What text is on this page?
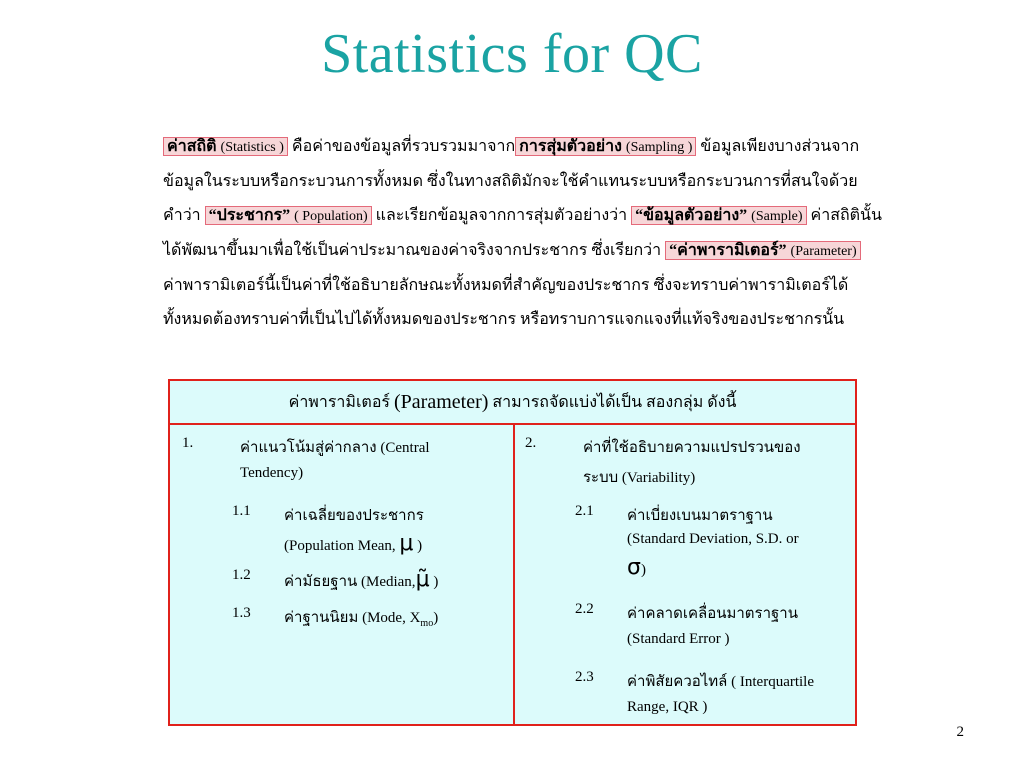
Statistics for QC
ค่าสถิติ (Statistics ) คือค่าของข้อมูลที่รวบรวมมาจาก การสุ่มตัวอย่าง (Sampling ) ข้อมูลเพียงบางส่วนจาก
ข้อมูลในระบบหรือกระบวนการทั้งหมด ซึ่งในทางสถิติมักจะใช้คำแทนระบบหรือกระบวนการที่สนใจด้วย
คำว่า “ประชากร” ( Population) และเรียกข้อมูลจากการสุ่มตัวอย่างว่า “ข้อมูลตัวอย่าง” (Sample) ค่าสถิตินั้น
ได้พัฒนาขึ้นมาเพื่อใช้เป็นค่าประมาณของค่าจริงจากประชากร ซึ่งเรียกว่า “ค่าพารามิเตอร์” (Parameter)
ค่าพารามิเตอร์นี้เป็นค่าที่ใช้อธิบายลักษณะทั้งหมดที่สำคัญของประชากร ซึ่งจะทราบค่าพารามิเตอร์ได้
ทั้งหมดต้องทราบค่าที่เป็นไปได้ทั้งหมดของประชากร หรือทราบการแจกแจงที่แท้จริงของประชากรนั้น
ค่าพารามิเตอร์ (Parameter) สามารถจัดแบ่งได้เป็น สองกลุ่ม ดังนี้
1.	ค่าแนวโน้มสู่ค่ากลาง (Central
Tendency)
1.1 ค่าเฉลี่ยของประชากร
(Population Mean, μ )
1.2 ค่ามัธยฐาน (Median,μ̃ )
1.3 ค่าฐานนิยม (Mode, $X_{mo}$)
2.	ค่าที่ใช้อธิบายความแปรปรวนของ
ระบบ (Variability)
2.1 ค่าเบี่ยงเบนมาตราฐาน
(Standard Deviation, S.D. or
σ)
2.2 ค่าคลาดเคลื่อนมาตราฐาน
(Standard Error )
2.3 ค่าพิสัยควอไทล์ ( Interquartile
Range, IQR )
2
